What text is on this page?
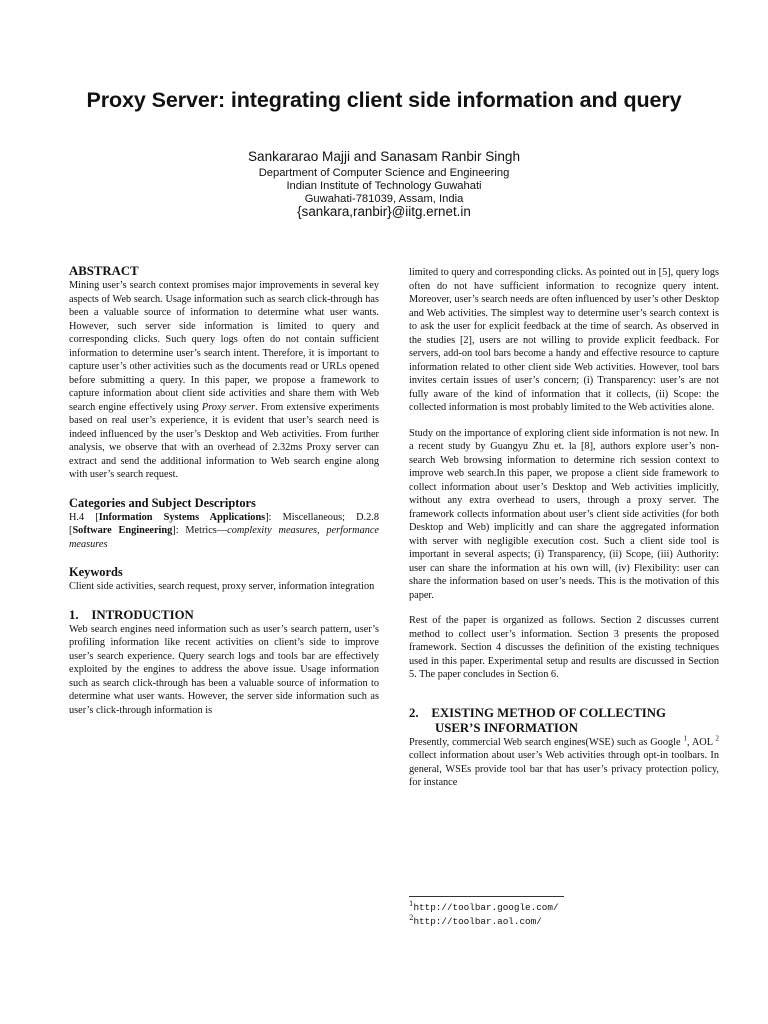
Proxy Server: integrating client side information and query
Sankararao Majji and Sanasam Ranbir Singh
Department of Computer Science and Engineering
Indian Institute of Technology Guwahati
Guwahati-781039, Assam, India
{sankara,ranbir}@iitg.ernet.in
ABSTRACT

Mining user’s search context promises major improvements in several key aspects of Web search. Usage information such as search click-through has been a valuable source of information to determine what user wants. However, such server side information is limited to query and corresponding clicks. Such query logs often do not contain sufficient information to determine user’s search intent. Therefore, it is important to capture user’s other activities such as the documents read or URLs opened before submitting a query. In this paper, we propose a framework to capture information about client side activities and share them with Web search engine effectively using Proxy server. From extensive experiments based on real user’s experience, it is evident that user’s search need is indeed influenced by the user’s Desktop and Web activities. From further analysis, we observe that with an overhead of 2.32ms Proxy server can extract and send the additional information to Web search engine along with user’s search request.

Categories and Subject Descriptors

H.4 [Information Systems Applications]: Miscellaneous; D.2.8 [Software Engineering]: Metrics—complexity measures, performance measures

Keywords

Client side activities, search request, proxy server, information integration

1.  INTRODUCTION

Web search engines need information such as user’s search pattern, user’s profiling information like recent activities on client’s side to improve user’s search experience. Query search logs and tools bar are effectively exploited by the engines to address the above issue. Usage information such as search click-through has been a valuable source of information to determine what user wants. However, the server side information such as user’s click-through information is

limited to query and corresponding clicks. As pointed out in [5], query logs often do not have sufficient information to recognize query intent. Moreover, user’s search needs are often influenced by user’s other Desktop and Web activities. The simplest way to determine user’s search context is to ask the user for explicit feedback at the time of search. As observed in the studies [2], users are not willing to provide explicit feedback. For servers, add-on tool bars become a handy and effective resource to capture information related to other client side Web activities. However, tool bars invites certain issues of user’s concern; (i) Transparency: user’s are not fully aware of the kind of information that it collects, (ii) Scope: the collected information is most probably limited to the Web activities alone.

Study on the importance of exploring client side information is not new. In a recent study by Guangyu Zhu et. la [8], authors explore user’s non-search Web browsing information to determine rich session context to improve web search.In this paper, we propose a client side framework to collect information about user’s Desktop and Web activities implicitly, without any extra overhead to users, through a proxy server. The framework collects information about user’s client side activities (for both Desktop and Web) implicitly and can share the aggregated information with server with negligible execution cost. Such a client side tool is important in several aspects; (i) Transparency, (ii) Scope, (iii) Authority: user can share the information at his own will, (iv) Flexibility: user can share the information based on user’s needs. This is the motivation of this paper.

Rest of the paper is organized as follows. Section 2 discusses current method to collect user’s information. Section 3 presents the proposed framework. Section 4 discusses the definition of the existing techniques used in this paper. Experimental setup and results are discussed in Section 5. The paper concludes in Section 6.

2.  EXISTING METHOD OF COLLECTING
USER’S INFORMATION

Presently, commercial Web search engines(WSE) such as Google $^1$, AOL $^2$ collect information about user’s Web activities through opt-in toolbars. In general, WSEs provide tool bar that has user’s privacy protection policy, for instance

$^1$http://toolbar.google.com/
$^2$http://toolbar.aol.com/
